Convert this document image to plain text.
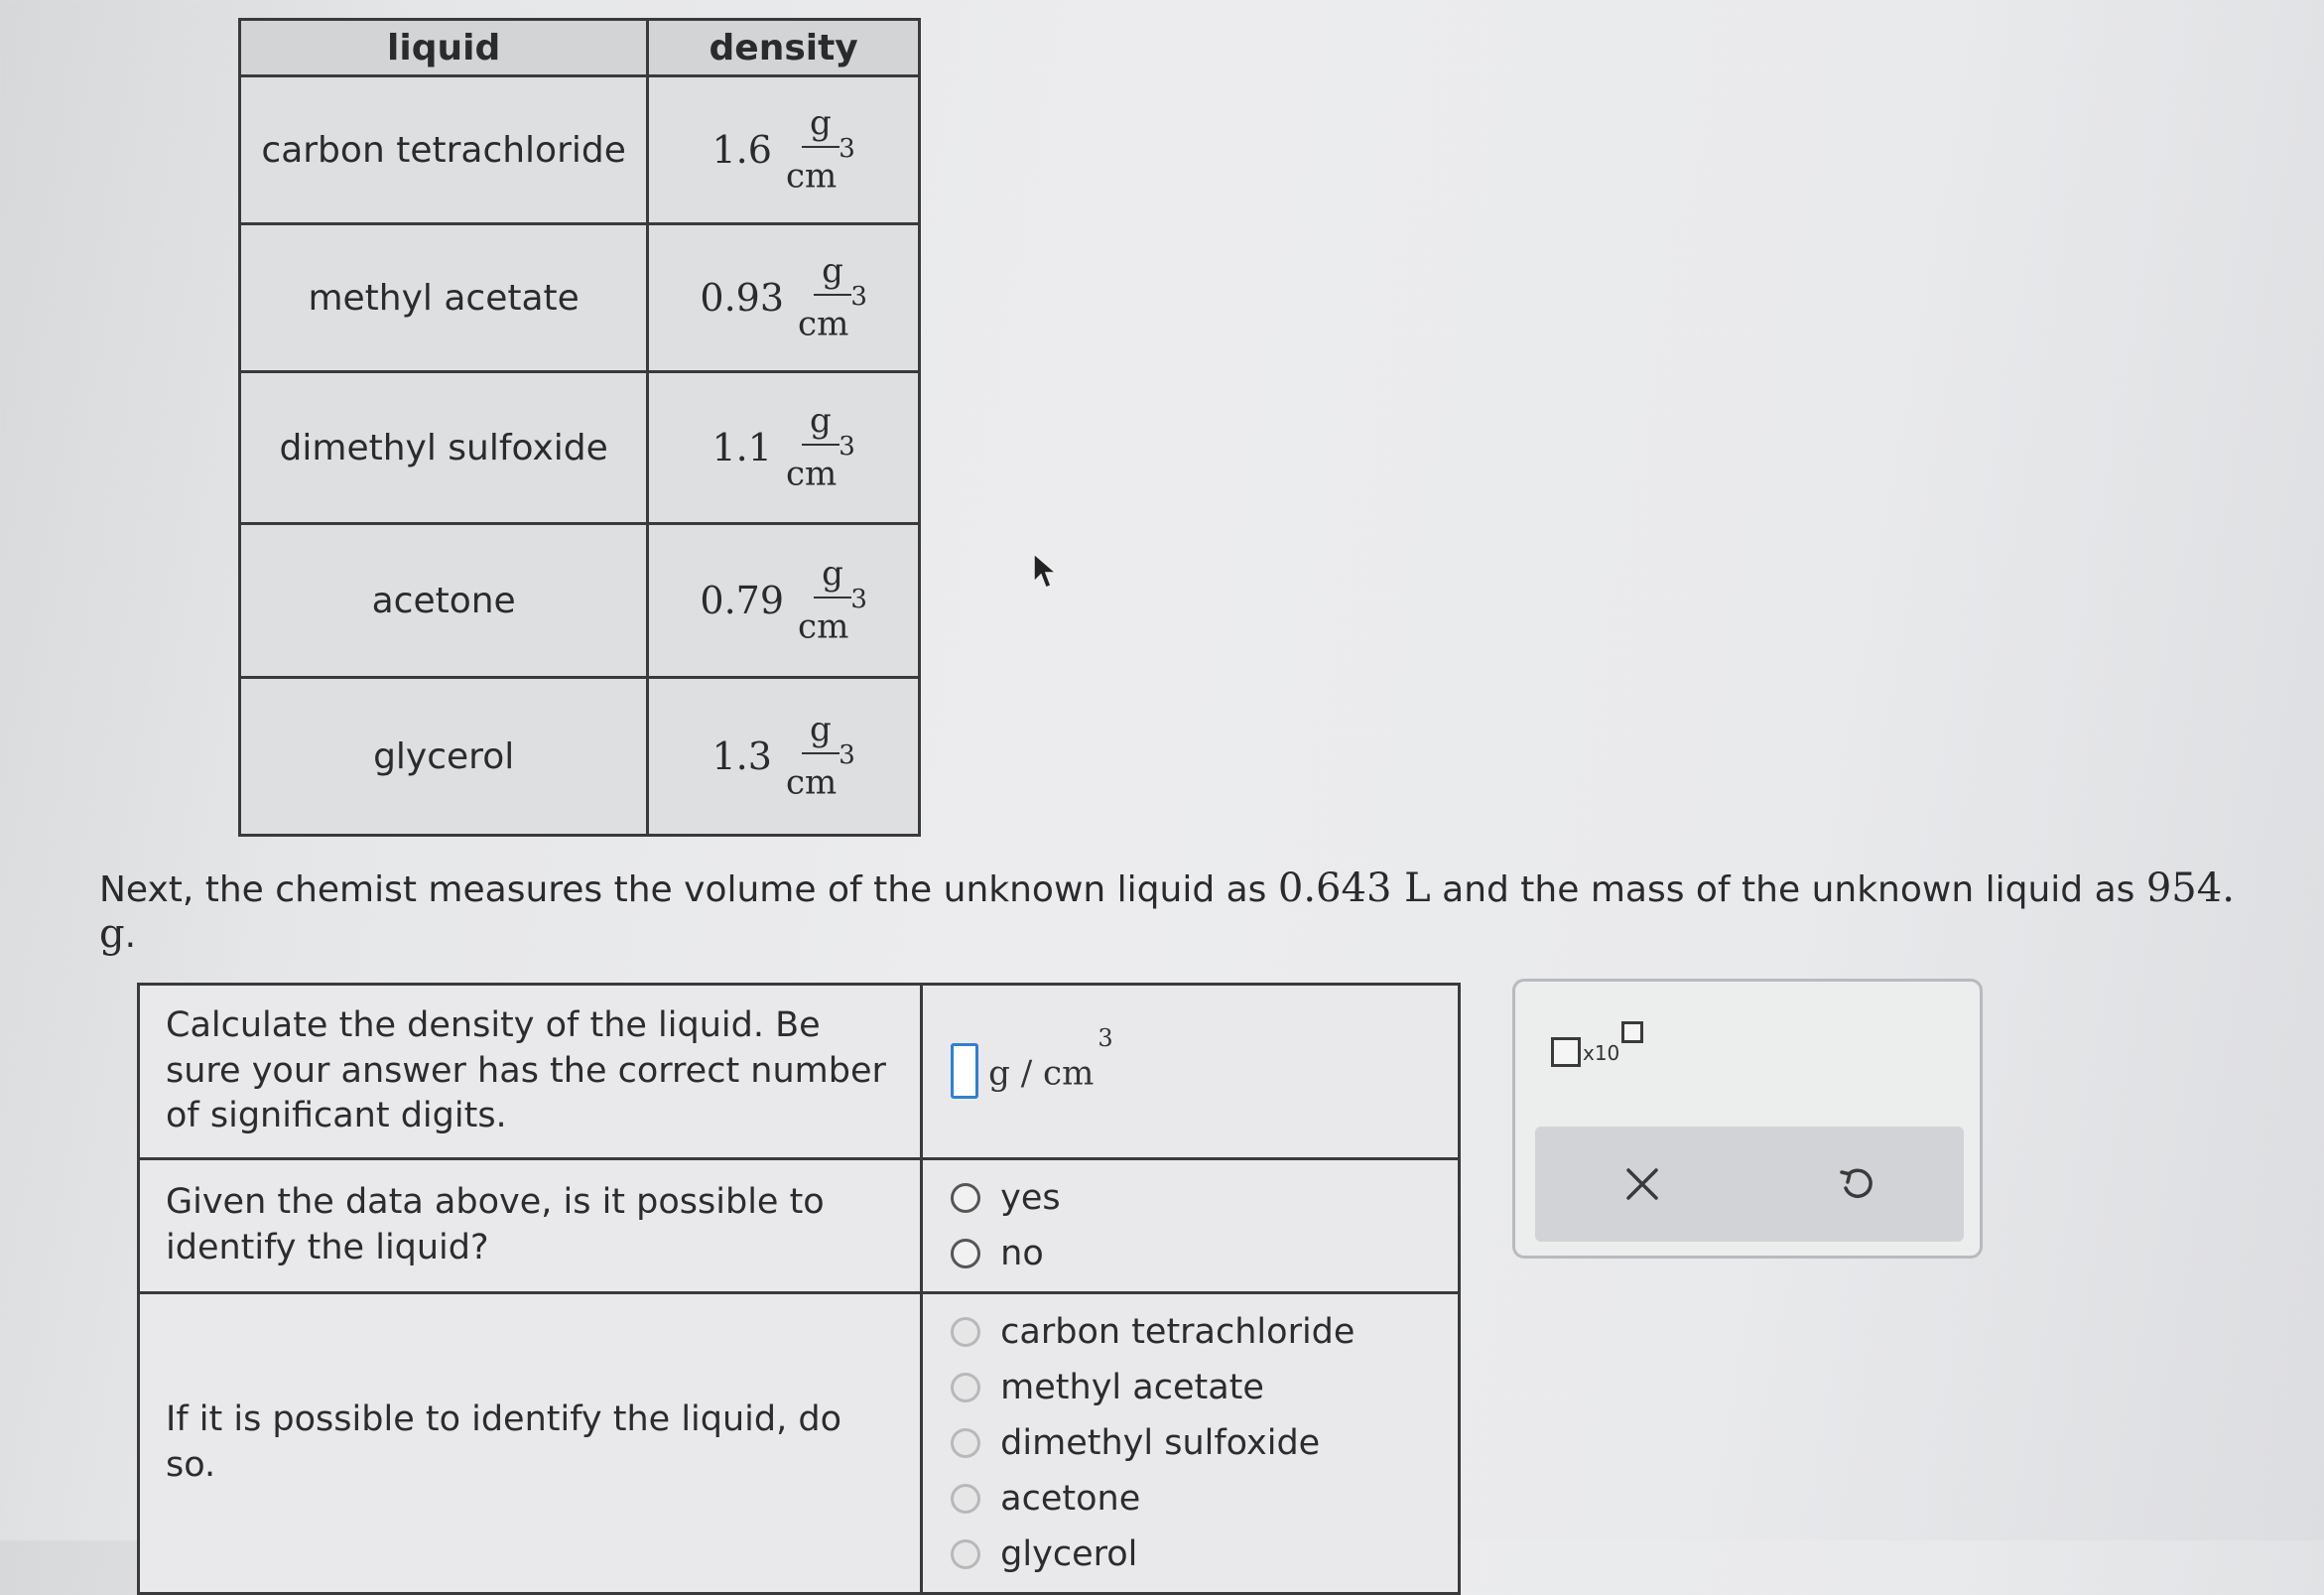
liquid	density
carbon tetrachloride	$1.6 \frac{g}{cm^3}$

methyl acetate	$0.93 \frac{g}{cm^3}$

dimethyl sulfoxide	$1.1 \frac{g}{cm^3}$

acetone	$0.79 \frac{g}{cm^3}$

glycerol	$1.3 \frac{g}{cm^3}$
Next, the chemist measures the volume of the unknown liquid as 0.643 L and the mass of the unknown liquid as 954. g.
Calculate the density of the liquid. Be sure your answer has the correct number of significant digits.	g / $cm^3$

Given the data above, is it possible to identify the liquid?	yes
no

If it is possible to identify the liquid, do so.	carbon tetrachloride
methyl acetate
dimethyl sulfoxide
acetone
glycerol
x10
